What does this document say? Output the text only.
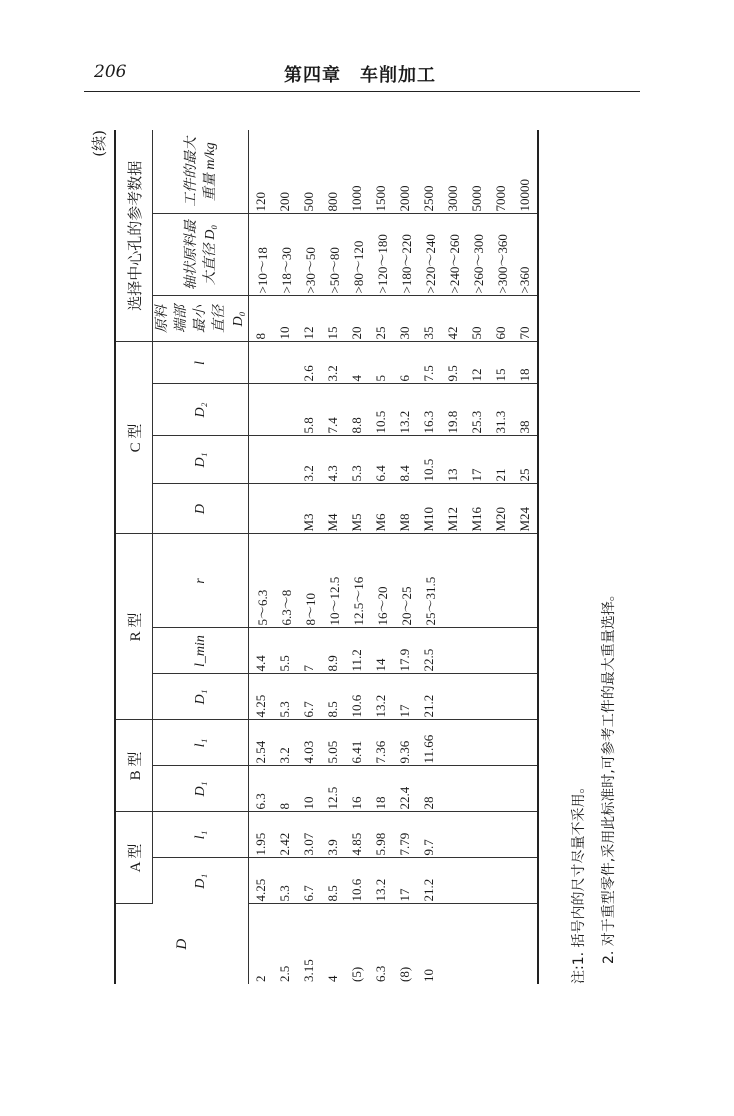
206	第四章　车削加工
(续)
D	A 型		B 型		R 型			C 型				选择中心孔的参考数据		
	D₁	l₁	D₁	l₁	D₁	l_min	r	D	D₁	D₂	l	原料端部最小直径 D₀	轴状原料最大直径 D₀	工件的最大重量 m/kg
2	4.25	1.95	6.3	2.54	4.25	4.4	5～6.3					8	>10～18	120
2.5	5.3	2.42	8	3.2	5.3	5.5	6.3～8					10	>18～30	200
3.15	6.7	3.07	10	4.03	6.7	7	8～10	M3	3.2	5.8	2.6	12	>30～50	500
4	8.5	3.9	12.5	5.05	8.5	8.9	10～12.5	M4	4.3	7.4	3.2	15	>50～80	800
(5)	10.6	4.85	16	6.41	10.6	11.2	12.5～16	M5	5.3	8.8	4	20	>80～120	1000
6.3	13.2	5.98	18	7.36	13.2	14	16～20	M6	6.4	10.5	5	25	>120～180	1500
(8)	17	7.79	22.4	9.36	17	17.9	20～25	M8	8.4	13.2	6	30	>180～220	2000
10	21.2	9.7	28	11.66	21.2	22.5	25～31.5	M10	10.5	16.3	7.5	35	>220～240	2500
								M12	13	19.8	9.5	42	>240～260	3000
								M16	17	25.3	12	50	>260～300	5000
								M20	21	31.3	15	60	>300～360	7000
								M24	25	38	18	70	>360	10000
注:1. 括号内的尺寸尽量不采用。	2. 对于重型零件,采用此标准时,可参考工件的最大重量选择。
